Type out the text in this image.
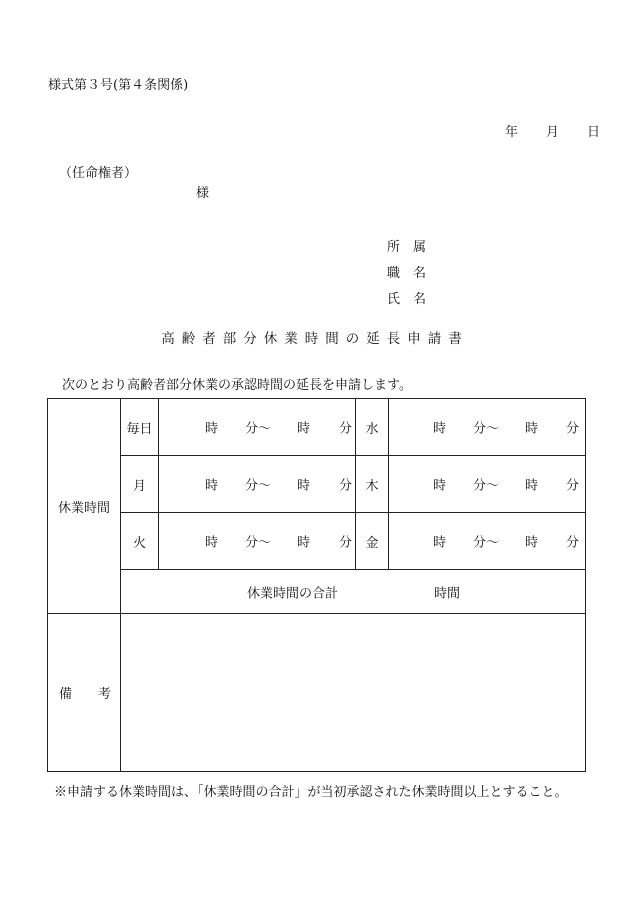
様式第３号(第４条関係)
年 月 日
（任命権者）
様
所　属
職　名
氏　名
高齢者部分休業時間の延長申請書
次のとおり高齢者部分休業の承認時間の延長を申請します。
休業時間	毎日	時 分〜 時 分	水	時 分〜 時 分

	月	時 分〜 時 分	木	時 分〜 時 分

	火	時 分〜 時 分	金	時 分〜 時 分

	休業時間の合計 時間			

備　　考				
※申請する休業時間は、「休業時間の合計」が当初承認された休業時間以上とすること。
